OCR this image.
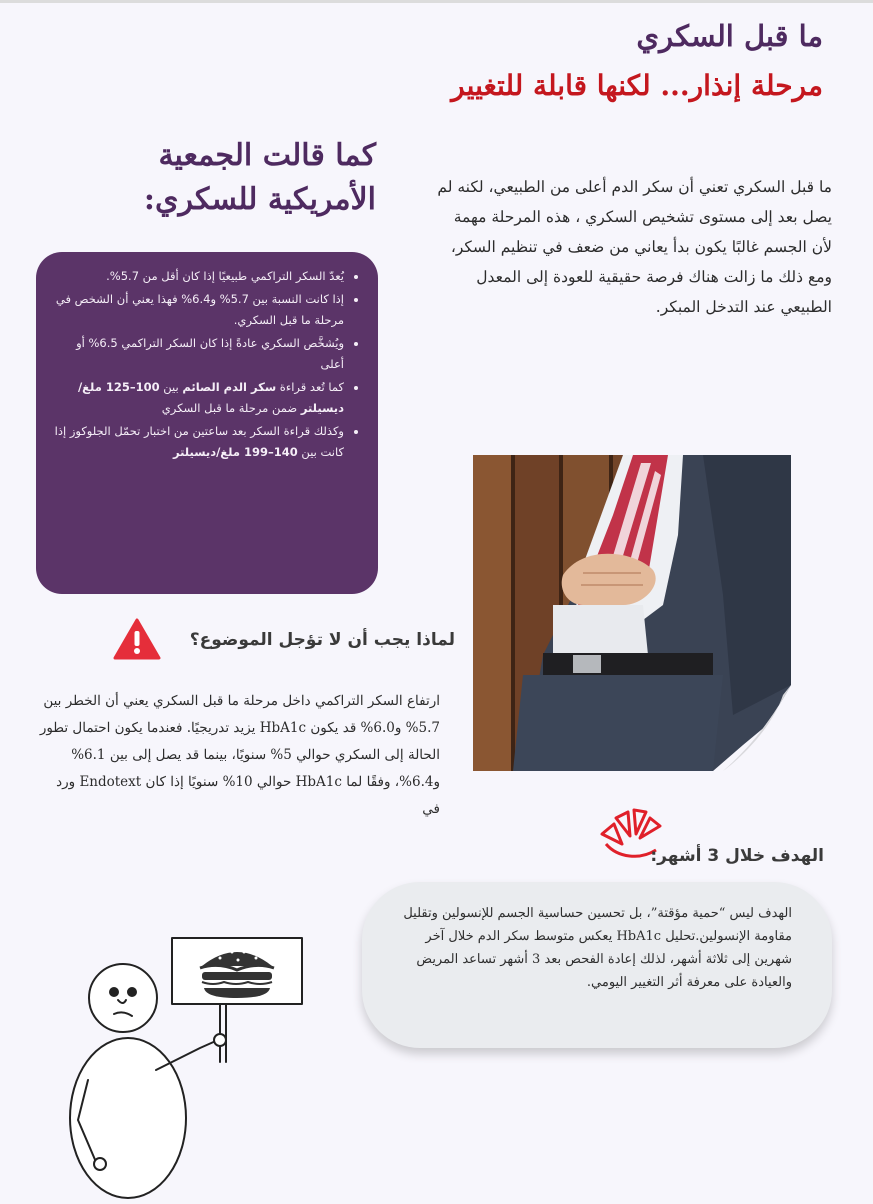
ما قبل السكري
مرحلة إنذار... لكنها قابلة للتغيير
ما قبل السكري تعني أن سكر الدم أعلى من الطبيعي، لكنه لم يصل بعد إلى مستوى تشخيص السكري ، هذه المرحلة مهمة لأن الجسم غالبًا يكون بدأ يعاني من ضعف في تنظيم السكر، ومع ذلك ما زالت هناك فرصة حقيقية للعودة إلى المعدل الطبيعي عند التدخل المبكر.
كما قالت الجمعية الأمريكية للسكري:
• يُعدّ السكر التراكمي طبيعيًا إذا كان أقل من 5.7%.
• إذا كانت النسبة بين 5.7% و6.4% فهذا يعني أن الشخص في مرحلة ما قبل السكري.
• ويُشخَّص السكري عادةً إذا كان السكر التراكمي 6.5% أو أعلى
• كما تُعد قراءة سكر الدم الصائم بين 100–125 ملغ/ديسيلتر ضمن مرحلة ما قبل السكري
• وكذلك قراءة السكر بعد ساعتين من اختبار تحمّل الجلوكوز إذا كانت بين 140–199 ملغ/ديسيلتر
لماذا يجب أن لا تؤجل الموضوع؟
ارتفاع السكر التراكمي داخل مرحلة ما قبل السكري يعني أن الخطر بين 5.7% و6.0% قد يكون HbA1c يزيد تدريجيًا. فعندما يكون احتمال تطور الحالة إلى السكري حوالي 5% سنويًا، بينما قد يصل إلى بين 6.1% و6.4%، وفقًا لما HbA1c حوالي 10% سنويًا إذا كان Endotext ورد في
الهدف خلال 3 أشهر:

الهدف ليس “حمية مؤقتة”، بل تحسين حساسية الجسم للإنسولين وتقليل مقاومة الإنسولين.تحليل HbA1c يعكس متوسط سكر الدم خلال آخر شهرين إلى ثلاثة أشهر، لذلك إعادة الفحص بعد 3 أشهر تساعد المريض والعيادة على معرفة أثر التغيير اليومي.
